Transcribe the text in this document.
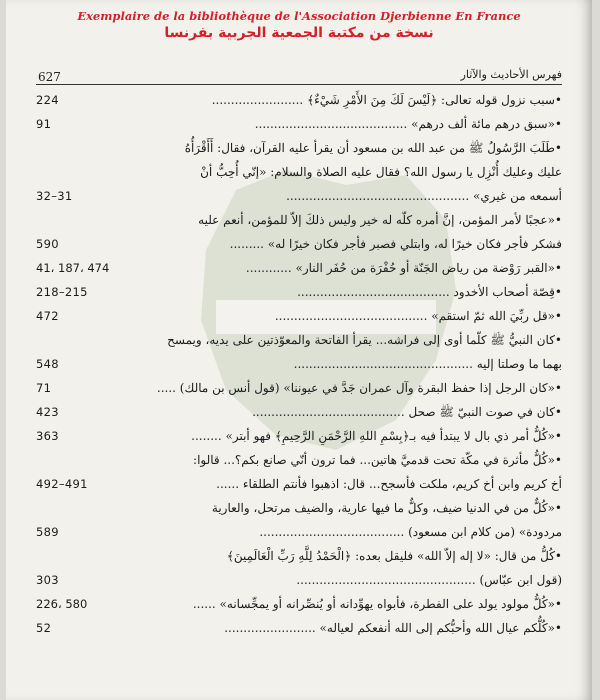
Exemplaire de la bibliothèque de l'Association Djerbienne En France
نسخة من مكتبة الجمعية الجربية بفرنسا
627	فهرس الأحاديث والآثار
•سبب نزول قوله تعالى: ﴿لَيْسَ لَكَ مِنَ الأَمْرِ شَيْءٌ﴾ ........................
224
•«سبق درهم مائة ألف درهم» ........................................
91
•طَلَبَ الرَّسُولُ ﷺ من عبد الله بن مسعود أن يقرأ عليه القرآن، فقال: أَأَقْرَأُهُ
عليك وعليك أُنْزِل يا رسول الله؟ فقال عليه الصلاة والسلام: «إنّي أُحِبُّ أنْ
أسمعه من غيري» ................................................
32–31
•«عجبًا لأمر المؤمن، إنَّ أمره كلّه له خير وليس ذلكَ إلاّ للمؤمن، أنعم عليه
فشكر فأجر فكان خيرًا له، وابتلي فصبر فأجر فكان خيرًا له» .........
590
•«القبر رَوْضة من رياض الجَنّة أو حُفْرَة من حُفَر النار» ............
41، 187، 474
•قِصّة أصحاب الأخدود ........................................
218–215
•«قل ربِّيَ الله ثمّ استقم» ........................................
472
•كان النبيُّ ﷺ كلّما أوى إلى فراشه... يقرأ الفاتحة والمعوّذتين على يديه، ويمسح
بهما ما وصلتا إليه ...............................................
548
•«كان الرجل إذا حفظ البقرة وآل عمران جَدَّ في عيوننا» (قول أنس بن مالك) .....
71
•كان في صوت النبيّ ﷺ صحل ........................................
423
•«كُلُّ أمر ذي بال لا يبتدأ فيه بـ﴿بِسْمِ اللهِ الرَّحْمَنِ الرَّحِيمِ﴾ فهو أبتر» ........
363
•«كُلُّ مأثرة في مكّة تحت قدميَّ هاتين... فما ترون أنّي صانع بكم؟... قالوا:
أخ كريم وابن أخ كريم، ملكت فأسجح... قال: اذهبوا فأنتم الطلقاء ......
492–491
•«كُلٌّ من في الدنيا ضيف، وكلٌّ ما فيها عارية، والضيف مرتحل، والعارية
مردودة» (من كلام ابن مسعود) ......................................
589
•كُلُّ من قال: «لا إله إلاّ الله» فليقل بعده: ﴿الْحَمْدُ لِلَّهِ رَبِّ الْعَالَمِينَ﴾
(قول ابن عبّاس) ...............................................
303
•«كُلُّ مولود يولد على الفطرة، فأبواه يهوِّدانه أو يُنصِّرانه أو يمجِّسانه» ......
226، 580
•«كُلُّكم عيال الله وأحبُّكم إلى الله أنفعكم لعياله» ........................
52
